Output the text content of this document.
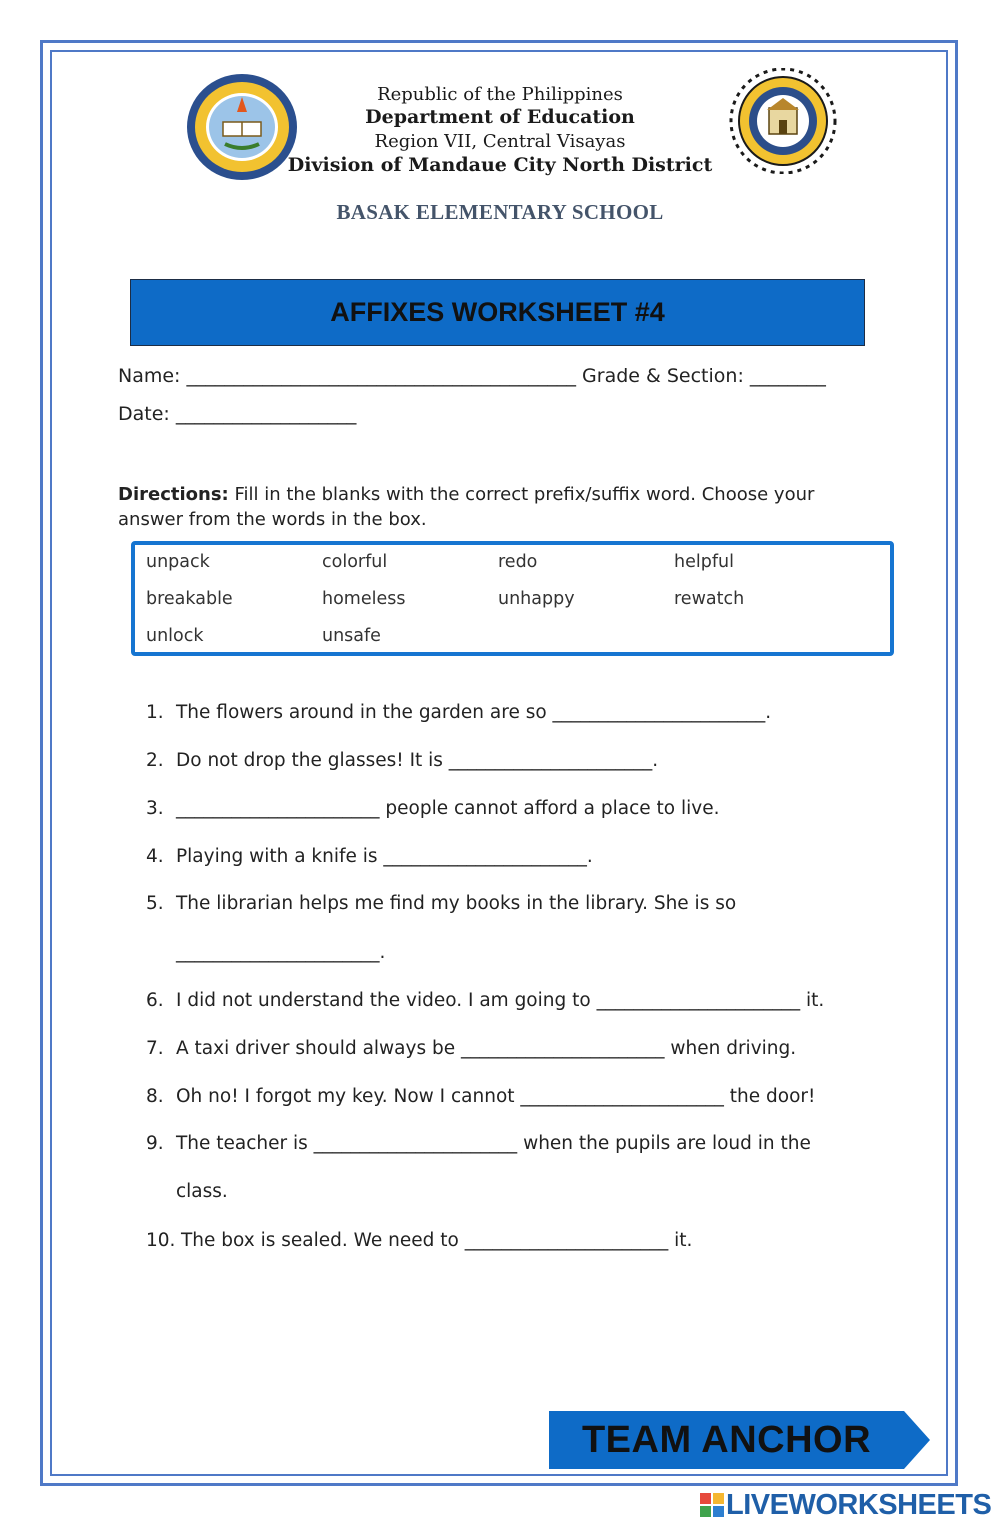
Republic of the Philippines
Department of Education
Region VII, Central Visayas
Division of Mandaue City North District
BASAK ELEMENTARY SCHOOL
AFFIXES WORKSHEET #4
Name: _________________________________________ Grade & Section: ________
Date: ___________________
Directions: Fill in the blanks with the correct prefix/suffix word. Choose your answer from the words in the box.
unpack	colorful	redo	helpful
breakable	homeless	unhappy	rewatch
unlock	unsafe
1. The flowers around in the garden are so _______________________.
2. Do not drop the glasses! It is ______________________.
3. ______________________ people cannot afford a place to live.
4. Playing with a knife is ______________________.
5. The librarian helps me find my books in the library. She is so
______________________.
6. I did not understand the video. I am going to ______________________ it.
7. A taxi driver should always be ______________________ when driving.
8. Oh no! I forgot my key. Now I cannot ______________________ the door!
9. The teacher is ______________________ when the pupils are loud in the
class.
10. The box is sealed. We need to ______________________ it.
TEAM ANCHOR
LIVEWORKSHEETS
